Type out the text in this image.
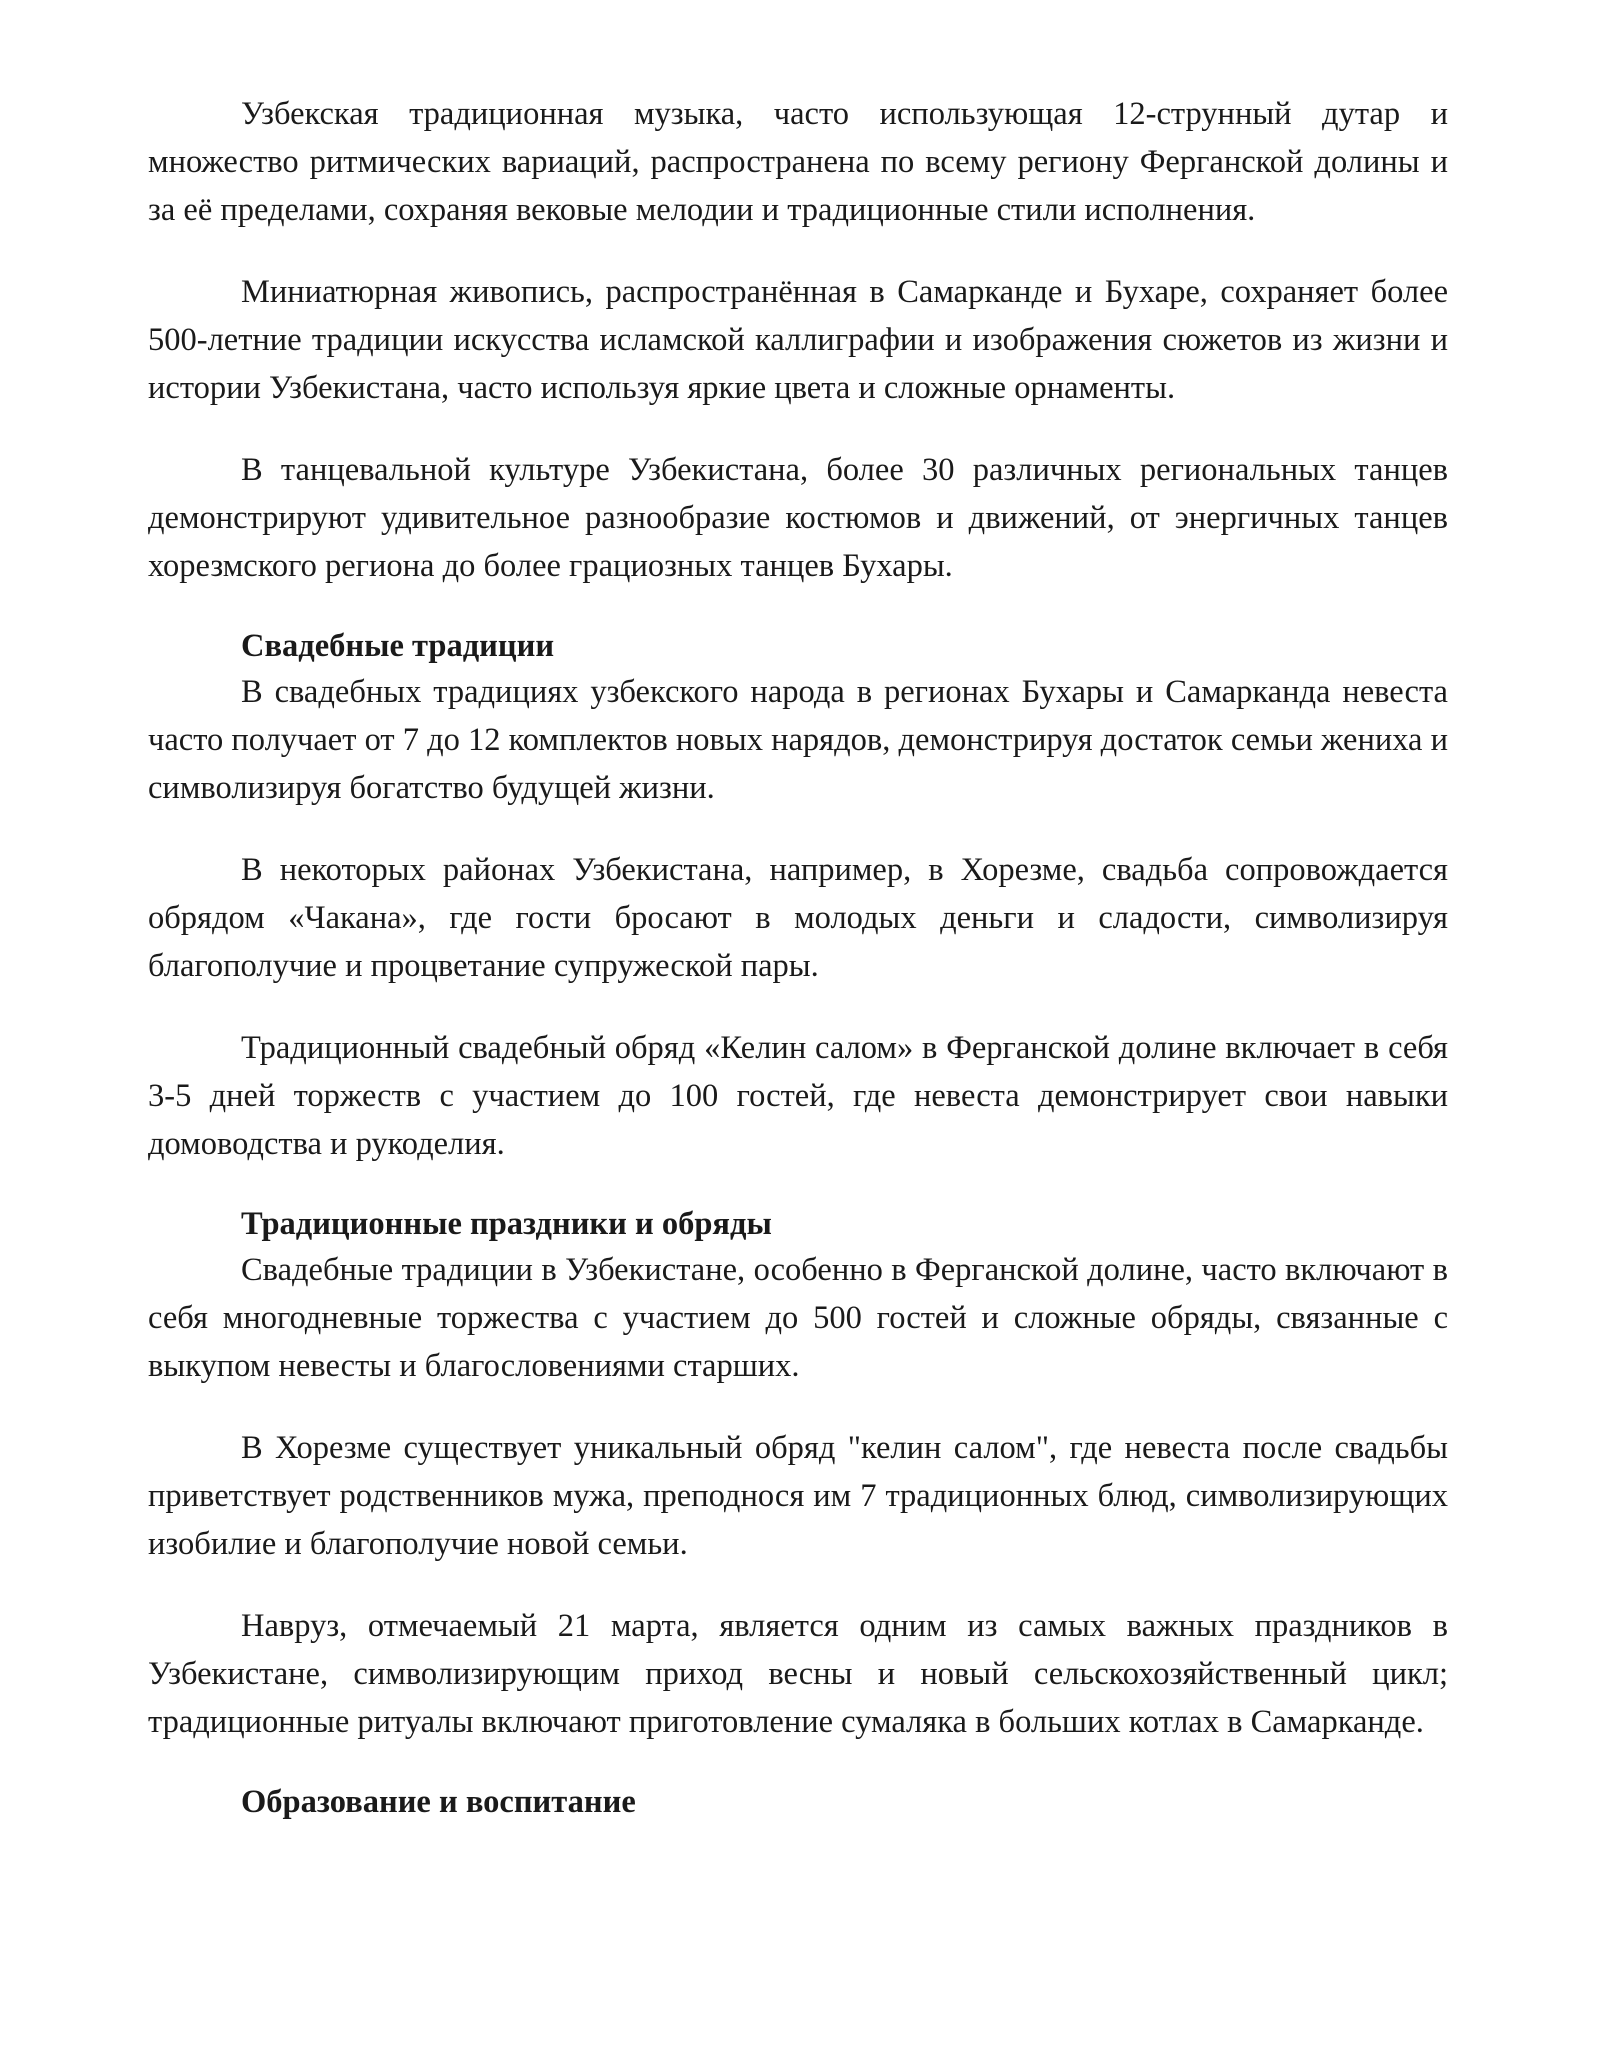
Узбекская традиционная музыка, часто использующая 12-струнный дутар и множество ритмических вариаций, распространена по всему региону Ферганской долины и за её пределами, сохраняя вековые мелодии и традиционные стили исполнения.

Миниатюрная живопись, распространённая в Самарканде и Бухаре, сохраняет более 500-летние традиции искусства исламской каллиграфии и изображения сюжетов из жизни и истории Узбекистана, часто используя яркие цвета и сложные орнаменты.

В танцевальной культуре Узбекистана, более 30 различных региональных танцев демонстрируют удивительное разнообразие костюмов и движений, от энергичных танцев хорезмского региона до более грациозных танцев Бухары.

Свадебные традиции

В свадебных традициях узбекского народа в регионах Бухары и Самарканда невеста часто получает от 7 до 12 комплектов новых нарядов, демонстрируя достаток семьи жениха и символизируя богатство будущей жизни.

В некоторых районах Узбекистана, например, в Хорезме, свадьба сопровождается обрядом «Чакана», где гости бросают в молодых деньги и сладости, символизируя благополучие и процветание супружеской пары.

Традиционный свадебный обряд «Келин салом» в Ферганской долине включает в себя 3-5 дней торжеств с участием до 100 гостей, где невеста демонстрирует свои навыки домоводства и рукоделия.

Традиционные праздники и обряды

Свадебные традиции в Узбекистане, особенно в Ферганской долине, часто включают в себя многодневные торжества с участием до 500 гостей и сложные обряды, связанные с выкупом невесты и благословениями старших.

В Хорезме существует уникальный обряд "келин салом", где невеста после свадьбы приветствует родственников мужа, преподнося им 7 традиционных блюд, символизирующих изобилие и благополучие новой семьи.

Навруз, отмечаемый 21 марта, является одним из самых важных праздников в Узбекистане, символизирующим приход весны и новый сельскохозяйственный цикл; традиционные ритуалы включают приготовление сумаляка в больших котлах в Самарканде.

Образование и воспитание
